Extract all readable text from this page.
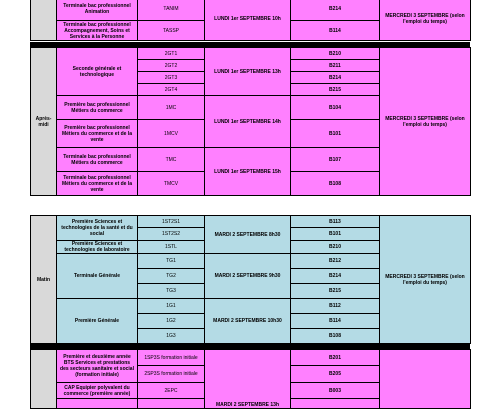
	Terminale bac professionnel Animation	TANIM	LUNDI 1er SEPTEMBRE 10h	B214	MERCREDI 3 SEPTEMBRE (selon l'emploi du temps)
	Terminale bac professionnel Accompagnement, Soins et Services à la Personne	TASSP		B114	
Après-midi	Seconde générale et technologique	2GT1	LUNDI 1er SEPTEMBRE 13h	B210	MERCREDI 3 SEPTEMBRE (selon l'emploi du temps)
		2GT2		B211	
		2GT3		B214	
		2GT4		B215	
	Première bac professionnel Métiers du commerce	1MC	LUNDI 1er SEPTEMBRE 14h	B104	
	Première bac professionnel Métiers du commerce et de la vente	1MCV		B101	
	Terminale bac professionnel Métiers du commerce	TMC	LUNDI 1er SEPTEMBRE 15h	B107	
	Terminale bac professionnel Métiers du commerce et de la vente	TMCV		B108	
Matin	Première Sciences et technologies de la santé et du social	1ST2S1	MARDI 2 SEPTEMBRE 8h30	B113	MERCREDI 3 SEPTEMBRE (selon l'emploi du temps)
		1ST2S2		B101	
	Première Sciences et technologies de laboratoire	1STL		B210	
	Terminale Générale	TG1	MARDI 2 SEPTEMBRE 9h30	B212	
		TG2		B214	
		TG3		B215	
	Première Générale	1G1	MARDI 2 SEPTEMBRE 10h30	B112	
		1G2		B114	
		1G3		B108	
	Première et deuxième année BTS Services et prestations des secteurs sanitaire et social (formation initiale)	1SP3S formation initiale	MARDI 2 SEPTEMBRE 13h	B201	
		2SP3S formation initiale		B205	
	CAP Equipier polyvalent du commerce (première année)	2EPC		B003	
